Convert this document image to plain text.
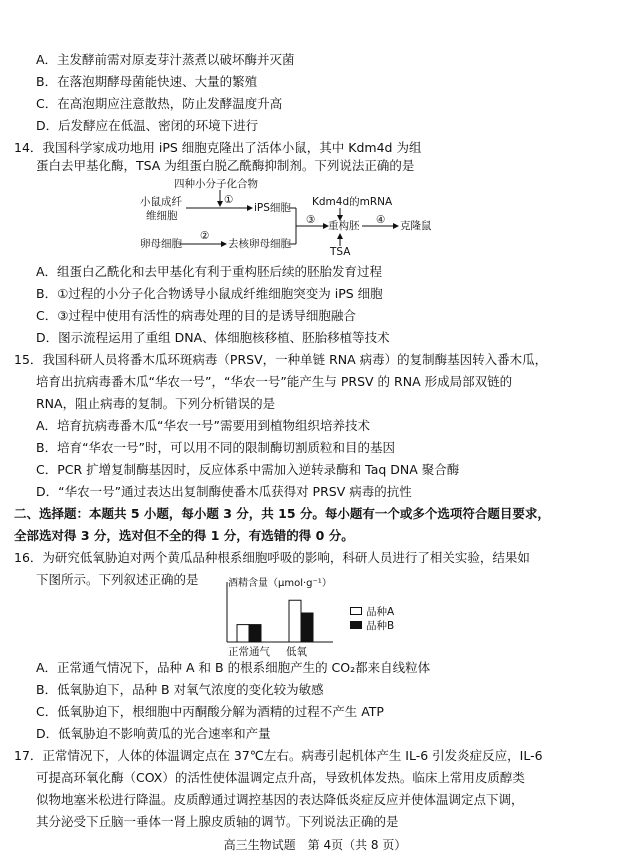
A．主发酵前需对原麦芽汁蒸煮以破坏酶并灭菌
B．在落泡期酵母菌能快速、大量的繁殖
C．在高泡期应注意散热，防止发酵温度升高
D．后发酵应在低温、密闭的环境下进行
14．我国科学家成功地用 iPS 细胞克隆出了活体小鼠，其中 Kdm4d 为组
蛋白去甲基化酶，TSA 为组蛋白脱乙酰酶抑制剂。下列说法正确的是
四种小分子化合物
小鼠成纤
维细胞
①
iPS细胞
卵母细胞
②
去核卵母细胞
③
Kdm4d的mRNA
重构胚 ④ 克隆鼠
TSA
A．组蛋白乙酰化和去甲基化有利于重构胚后续的胚胎发育过程
B．①过程的小分子化合物诱导小鼠成纤维细胞突变为 iPS 细胞
C．③过程中使用有活性的病毒处理的目的是诱导细胞融合
D．图示流程运用了重组 DNA、体细胞核移植、胚胎移植等技术
15．我国科研人员将番木瓜环斑病毒（PRSV，一种单链 RNA 病毒）的复制酶基因转入番木瓜，
培育出抗病毒番木瓜“华农一号”，“华农一号”能产生与 PRSV 的 RNA 形成局部双链的
RNA，阻止病毒的复制。下列分析错误的是
A．培育抗病毒番木瓜“华农一号”需要用到植物组织培养技术
B．培育“华农一号”时，可以用不同的限制酶切割质粒和目的基因
C．PCR 扩增复制酶基因时，反应体系中需加入逆转录酶和 Taq DNA 聚合酶
D．“华农一号”通过表达出复制酶使番木瓜获得对 PRSV 病毒的抗性
二、选择题：本题共 5 小题，每小题 3 分，共 15 分。每小题有一个或多个选项符合题目要求，
全部选对得 3 分，选对但不全的得 1 分，有选错的得 0 分。
16．为研究低氧胁迫对两个黄瓜品种根系细胞呼吸的影响，科研人员进行了相关实验，结果如
下图所示。下列叙述正确的是	酒精含量（μmol·g⁻¹）
正常通气 低氧
品种A
品种B
A．正常通气情况下，品种 A 和 B 的根系细胞产生的 CO₂都来自线粒体
B．低氧胁迫下，品种 B 对氧气浓度的变化较为敏感
C．低氧胁迫下，根细胞中丙酮酸分解为酒精的过程不产生 ATP
D．低氧胁迫不影响黄瓜的光合速率和产量
17．正常情况下，人体的体温调定点在 37℃左右。病毒引起机体产生 IL-6 引发炎症反应，IL-6
可提高环氧化酶（COX）的活性使体温调定点升高，导致机体发热。临床上常用皮质醇类
似物地塞米松进行降温。皮质醇通过调控基因的表达降低炎症反应并使体温调定点下调，
其分泌受下丘脑一垂体一肾上腺皮质轴的调节。下列说法正确的是
高三生物试题　第 4页（共 8 页）
